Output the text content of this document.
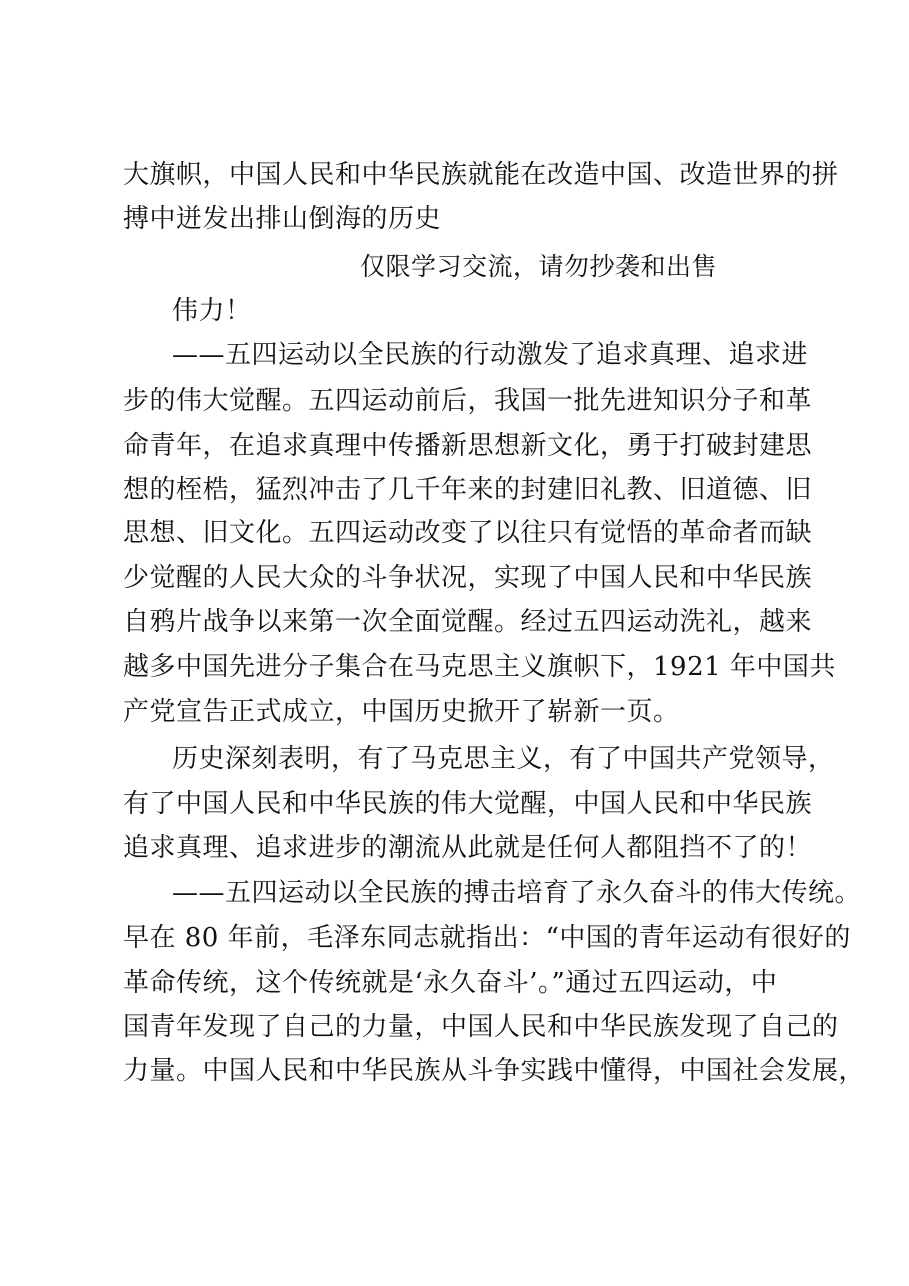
大旗帜，中国人民和中华民族就能在改造中国、改造世界的拼
搏中迸发出排山倒海的历史
仅限学习交流，请勿抄袭和出售
伟力！
——五四运动以全民族的行动激发了追求真理、追求进
步的伟大觉醒。五四运动前后，我国一批先进知识分子和革
命青年，在追求真理中传播新思想新文化，勇于打破封建思
想的桎梏，猛烈冲击了几千年来的封建旧礼教、旧道德、旧
思想、旧文化。五四运动改变了以往只有觉悟的革命者而缺
少觉醒的人民大众的斗争状况，实现了中国人民和中华民族
自鸦片战争以来第一次全面觉醒。经过五四运动洗礼，越来
越多中国先进分子集合在马克思主义旗帜下，1921 年中国共
产党宣告正式成立，中国历史掀开了崭新一页。
历史深刻表明，有了马克思主义，有了中国共产党领导，
有了中国人民和中华民族的伟大觉醒，中国人民和中华民族
追求真理、追求进步的潮流从此就是任何人都阻挡不了的！
——五四运动以全民族的搏击培育了永久奋斗的伟大传统。
早在 80 年前，毛泽东同志就指出：“中国的青年运动有很好的
革命传统，这个传统就是‘永久奋斗’。”通过五四运动，中
国青年发现了自己的力量，中国人民和中华民族发现了自己的
力量。中国人民和中华民族从斗争实践中懂得，中国社会发展，
